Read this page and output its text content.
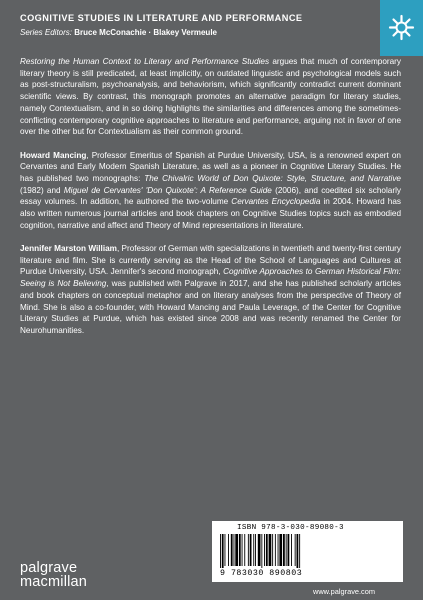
COGNITIVE STUDIES IN LITERATURE AND PERFORMANCE
Series Editors: Bruce McConachie · Blakey Vermeule

Restoring the Human Context to Literary and Performance Studies argues that much of contemporary literary theory is still predicated, at least implicitly, on outdated linguistic and psychological models such as post-structuralism, psychoanalysis, and behaviorism, which significantly contradict current dominant scientific views. By contrast, this monograph promotes an alternative paradigm for literary studies, namely Contextualism, and in so doing highlights the similarities and differences among the sometimes-conflicting contemporary cognitive approaches to literature and performance, arguing not in favor of one over the other but for Contextualism as their common ground.

Howard Mancing, Professor Emeritus of Spanish at Purdue University, USA, is a renowned expert on Cervantes and Early Modern Spanish Literature, as well as a pioneer in Cognitive Literary Studies. He has published two monographs: The Chivalric World of Don Quixote: Style, Structure, and Narrative (1982) and Miguel de Cervantes' 'Don Quixote': A Reference Guide (2006), and coedited six scholarly essay volumes. In addition, he authored the two-volume Cervantes Encyclopedia in 2004. Howard has also written numerous journal articles and book chapters on Cognitive Studies topics such as embodied cognition, narrative and affect and Theory of Mind representations in literature.

Jennifer Marston William, Professor of German with specializations in twentieth and twenty-first century literature and film. She is currently serving as the Head of the School of Languages and Cultures at Purdue University, USA. Jennifer's second monograph, Cognitive Approaches to German Historical Film: Seeing is Not Believing, was published with Palgrave in 2017, and she has published scholarly articles and book chapters on conceptual metaphor and on literary analyses from the perspective of Theory of Mind. She is also a co-founder, with Howard Mancing and Paula Leverage, of the Center for Cognitive Literary Studies at Purdue, which has existed since 2008 and was recently renamed the Center for Neurohumanities.

ISBN 978-3-030-89080-3
9 783030 890803
palgrave
macmillan
www.palgrave.com
